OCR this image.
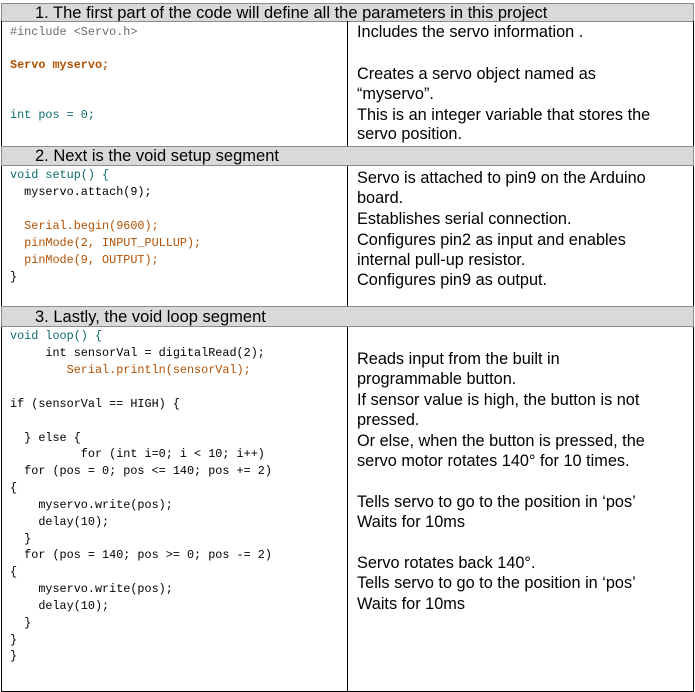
1. The first part of the code will define all the parameters in this project
#include <Servo.h>
Servo myservo;
int pos = 0;
Includes the servo information .
Creates a servo object named as
“myservo”.
This is an integer variable that stores the
servo position.
2. Next is the void setup segment
void setup() {
myservo.attach(9);
Serial.begin(9600);
pinMode(2, INPUT_PULLUP);
pinMode(9, OUTPUT);
}
Servo is attached to pin9 on the Arduino
board.
Establishes serial connection.
Configures pin2 as input and enables
internal pull-up resistor.
Configures pin9 as output.
3. Lastly, the void loop segment
void loop() {
int sensorVal = digitalRead(2);
Serial.println(sensorVal);
if (sensorVal == HIGH) {
} else {
for (int i=0; i < 10; i++)
for (pos = 0; pos <= 140; pos += 2)
{
myservo.write(pos);
delay(10);
}
for (pos = 140; pos >= 0; pos -= 2)
{
myservo.write(pos);
delay(10);
}
}
}
Reads input from the built in
programmable button.
If sensor value is high, the button is not
pressed.
Or else, when the button is pressed, the
servo motor rotates 140° for 10 times.
Tells servo to go to the position in ‘pos’
Waits for 10ms
Servo rotates back 140°.
Tells servo to go to the position in ‘pos’
Waits for 10ms
